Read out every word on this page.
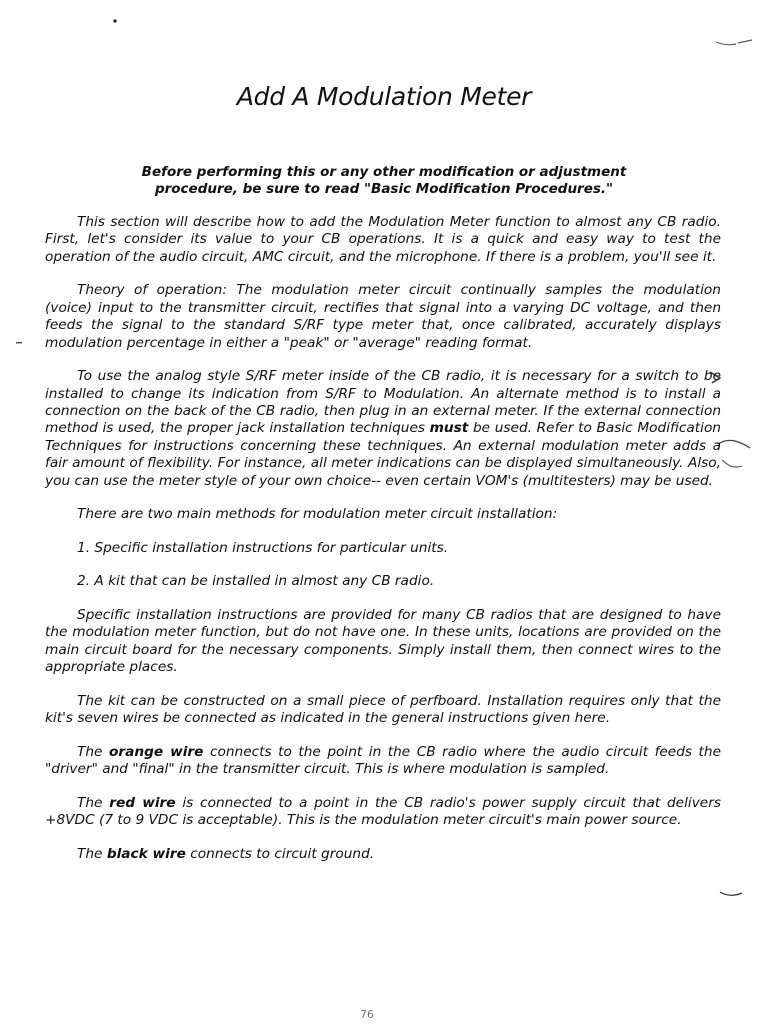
Add A Modulation Meter
Before performing this or any other modification or adjustment procedure, be sure to read "Basic Modification Procedures."

This section will describe how to add the Modulation Meter function to almost any CB radio. First, let's consider its value to your CB operations. It is a quick and easy way to test the operation of the audio circuit, AMC circuit, and the microphone. If there is a problem, you'll see it.

Theory of operation: The modulation meter circuit continually samples the modulation (voice) input to the transmitter circuit, rectifies that signal into a varying DC voltage, and then feeds the signal to the standard S/RF type meter that, once calibrated, accurately displays modulation percentage in either a "peak" or "average" reading format.

To use the analog style S/RF meter inside of the CB radio, it is necessary for a switch to be installed to change its indication from S/RF to Modulation. An alternate method is to install a connection on the back of the CB radio, then plug in an external meter. If the external connection method is used, the proper jack installation techniques must be used. Refer to Basic Modification Techniques for instructions concerning these techniques. An external modulation meter adds a fair amount of flexibility. For instance, all meter indications can be displayed simultaneously. Also, you can use the meter style of your own choice-- even certain VOM's (multitesters) may be used.

There are two main methods for modulation meter circuit installation:

1. Specific installation instructions for particular units.

2. A kit that can be installed in almost any CB radio.

Specific installation instructions are provided for many CB radios that are designed to have the modulation meter function, but do not have one. In these units, locations are provided on the main circuit board for the necessary components. Simply install them, then connect wires to the appropriate places.

The kit can be constructed on a small piece of perfboard. Installation requires only that the kit's seven wires be connected as indicated in the general instructions given here.

The orange wire connects to the point in the CB radio where the audio circuit feeds the "driver" and "final" in the transmitter circuit. This is where modulation is sampled.

The red wire is connected to a point in the CB radio's power supply circuit that delivers +8VDC (7 to 9 VDC is acceptable). This is the modulation meter circuit's main power source.

The black wire connects to circuit ground.

76
